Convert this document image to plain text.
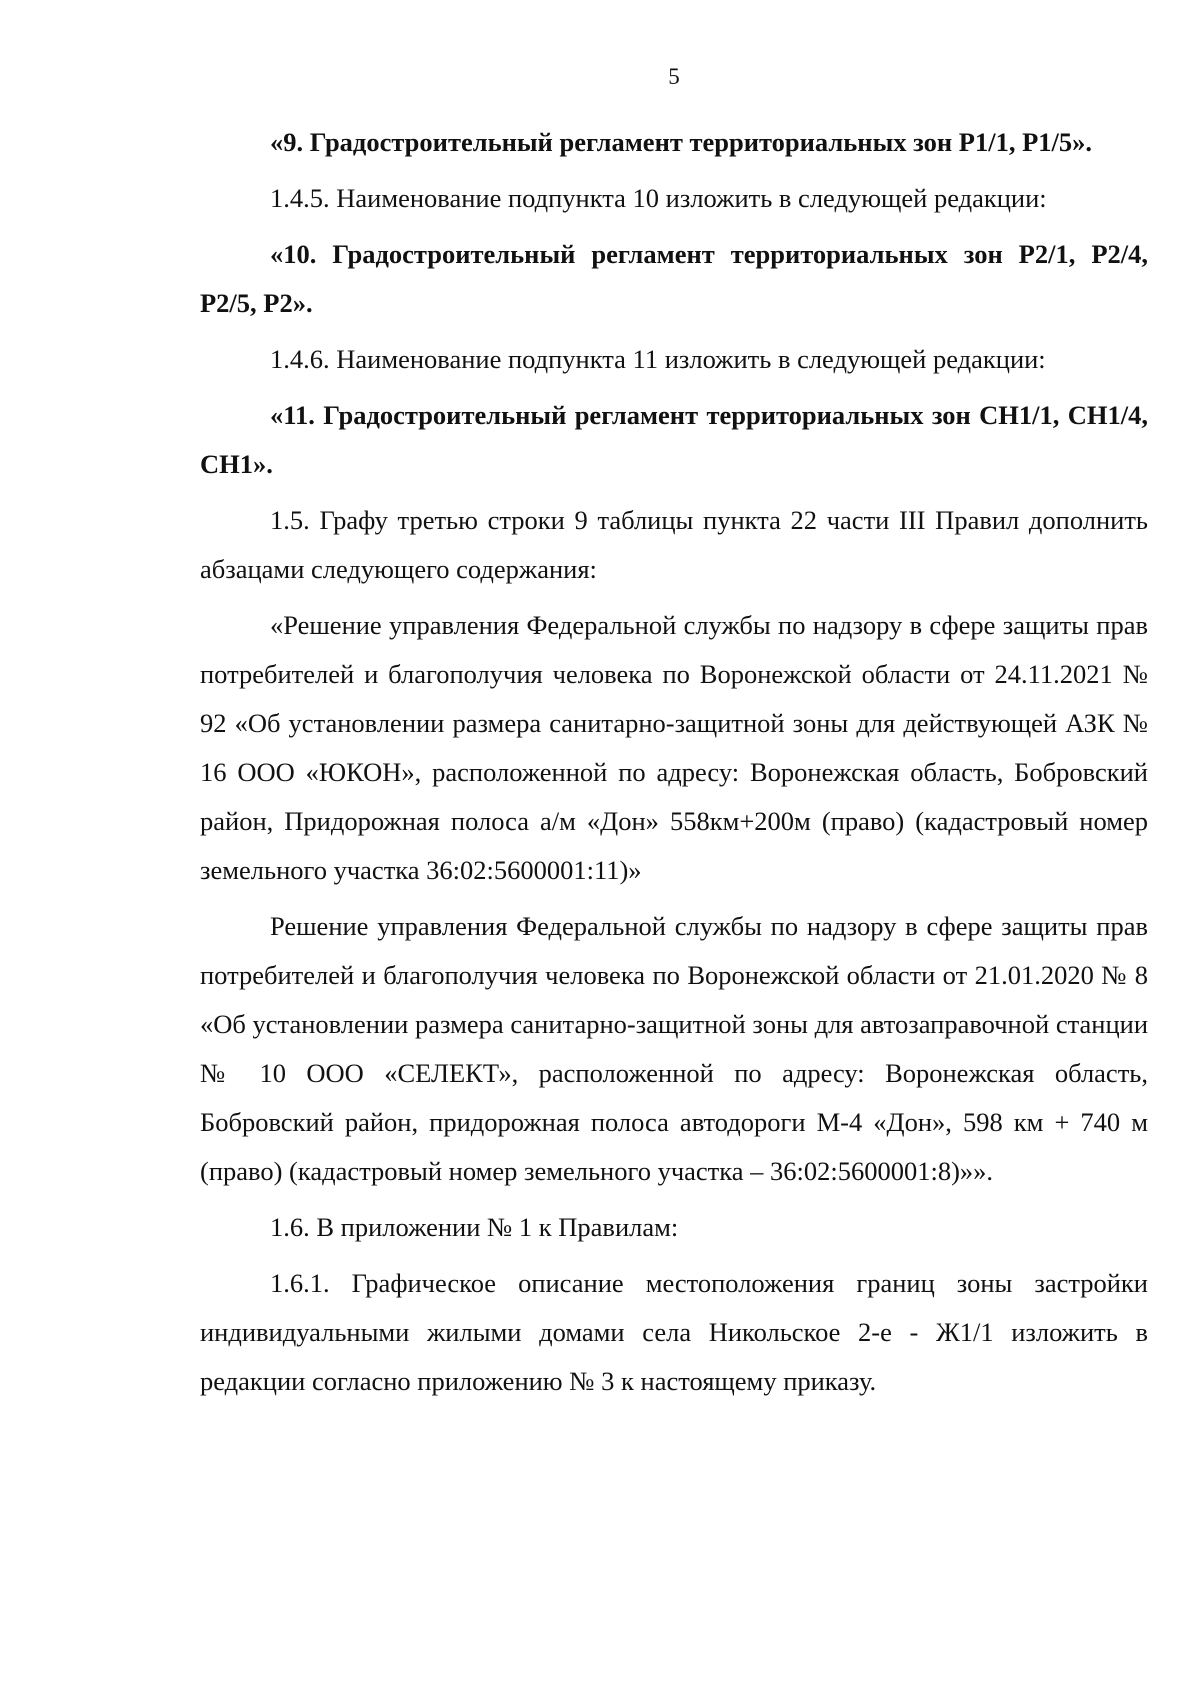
5

«9. Градостроительный регламент территориальных зон Р1/1, Р1/5».

1.4.5. Наименование подпункта 10 изложить в следующей редакции:

«10. Градостроительный регламент территориальных зон Р2/1, Р2/4, Р2/5, Р2».

1.4.6. Наименование подпункта 11 изложить в следующей редакции:

«11. Градостроительный регламент территориальных зон СН1/1, СН1/4, СН1».

1.5. Графу третью строки 9 таблицы пункта 22 части III Правил дополнить абзацами следующего содержания:

«Решение управления Федеральной службы по надзору в сфере защиты прав потребителей и благополучия человека по Воронежской области от 24.11.2021 № 92 «Об установлении размера санитарно-защитной зоны для действующей АЗК № 16 ООО «ЮКОН», расположенной по адресу: Воронежская область, Бобровский район, Придорожная полоса а/м «Дон» 558км+200м (право) (кадастровый номер земельного участка 36:02:5600001:11)»

Решение управления Федеральной службы по надзору в сфере защиты прав потребителей и благополучия человека по Воронежской области от 21.01.2020 № 8 «Об установлении размера санитарно-защитной зоны для автозаправочной станции № 10 ООО «СЕЛЕКТ», расположенной по адресу: Воронежская область, Бобровский район, придорожная полоса автодороги М-4 «Дон», 598 км + 740 м (право) (кадастровый номер земельного участка – 36:02:5600001:8)»».

1.6. В приложении № 1 к Правилам:

1.6.1. Графическое описание местоположения границ зоны застройки индивидуальными жилыми домами села Никольское 2-е - Ж1/1 изложить в редакции согласно приложению № 3 к настоящему приказу.
